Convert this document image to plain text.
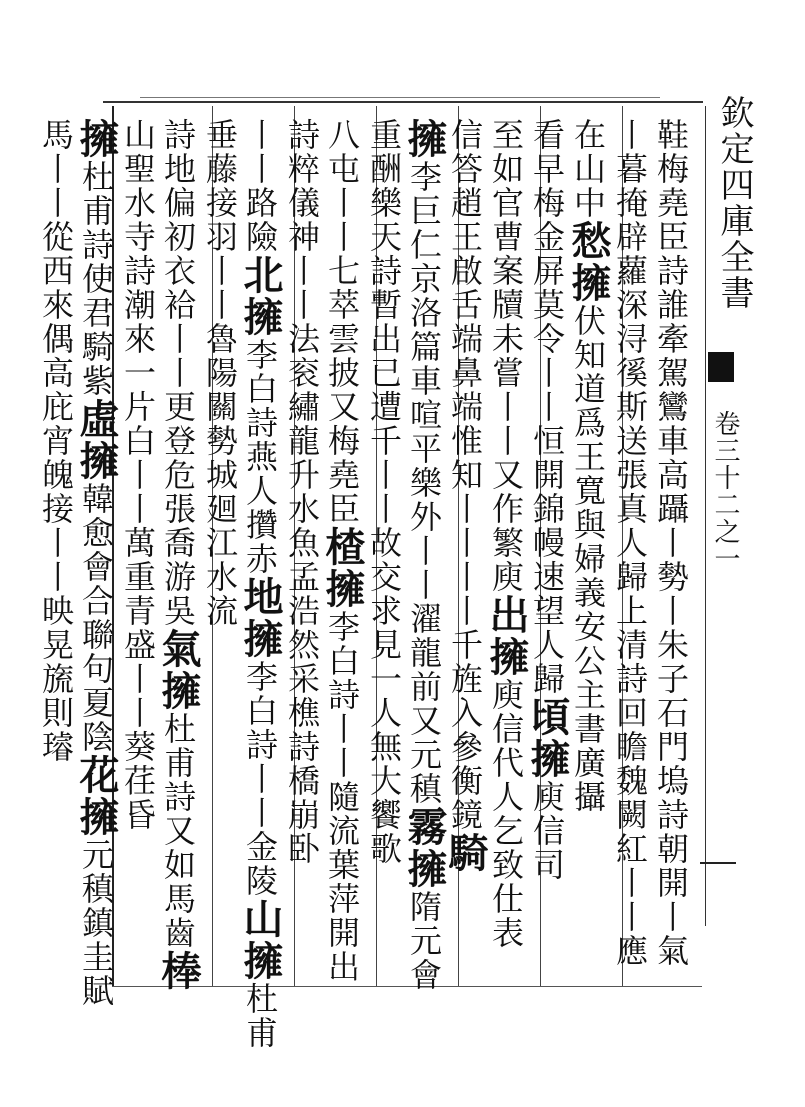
欽定四庫全書
卷三十二之一
鞋梅堯臣詩誰牽駕鸞車高躡丨勢丨朱子石門塢詩朝開丨氣
丨暮掩辟蘿深浔徯斯送張真人歸上清詩回瞻魏闕紅丨丨應
在山中愁擁伏知道爲王寬與婦義安公主書廣攝
看早梅金屏莫令丨丨恒開錦幔速望人歸頃擁庾信司
至如官曹案牘未嘗丨丨又作繁庾出擁庾信代人乞致仕表
信答趙王啟舌端鼻端惟知丨丨丨丨千旌入參衡鏡騎
擁李巨仁京洛篇車喧平樂外丨丨濯龍前又元稹霧擁隋元會
重酬樂天詩暫出已遭千丨丨故交求見一人無大饗歌
八屯丨丨七萃雲披又梅堯臣楂擁李白詩丨丨隨流葉萍開出
詩粹儀神丨丨法衮繡龍升水魚孟浩然采樵詩橋崩卧
丨丨路險北擁李白詩燕人攢赤地擁李白詩丨丨金陵山擁杜甫
垂藤接羽丨丨魯陽關勢城廻江水流
詩地偏初衣袷丨丨更登危張喬游吳氣擁杜甫詩又如馬齒棒
山聖水寺詩潮來一片白丨丨萬重青盛丨丨葵荏昏
擁杜甫詩使君騎紫虛擁韓愈會合聯句夏陰花擁元稹鎮圭賦
馬丨丨從西來偶高庇宵魄接丨丨映晃旒則璿
